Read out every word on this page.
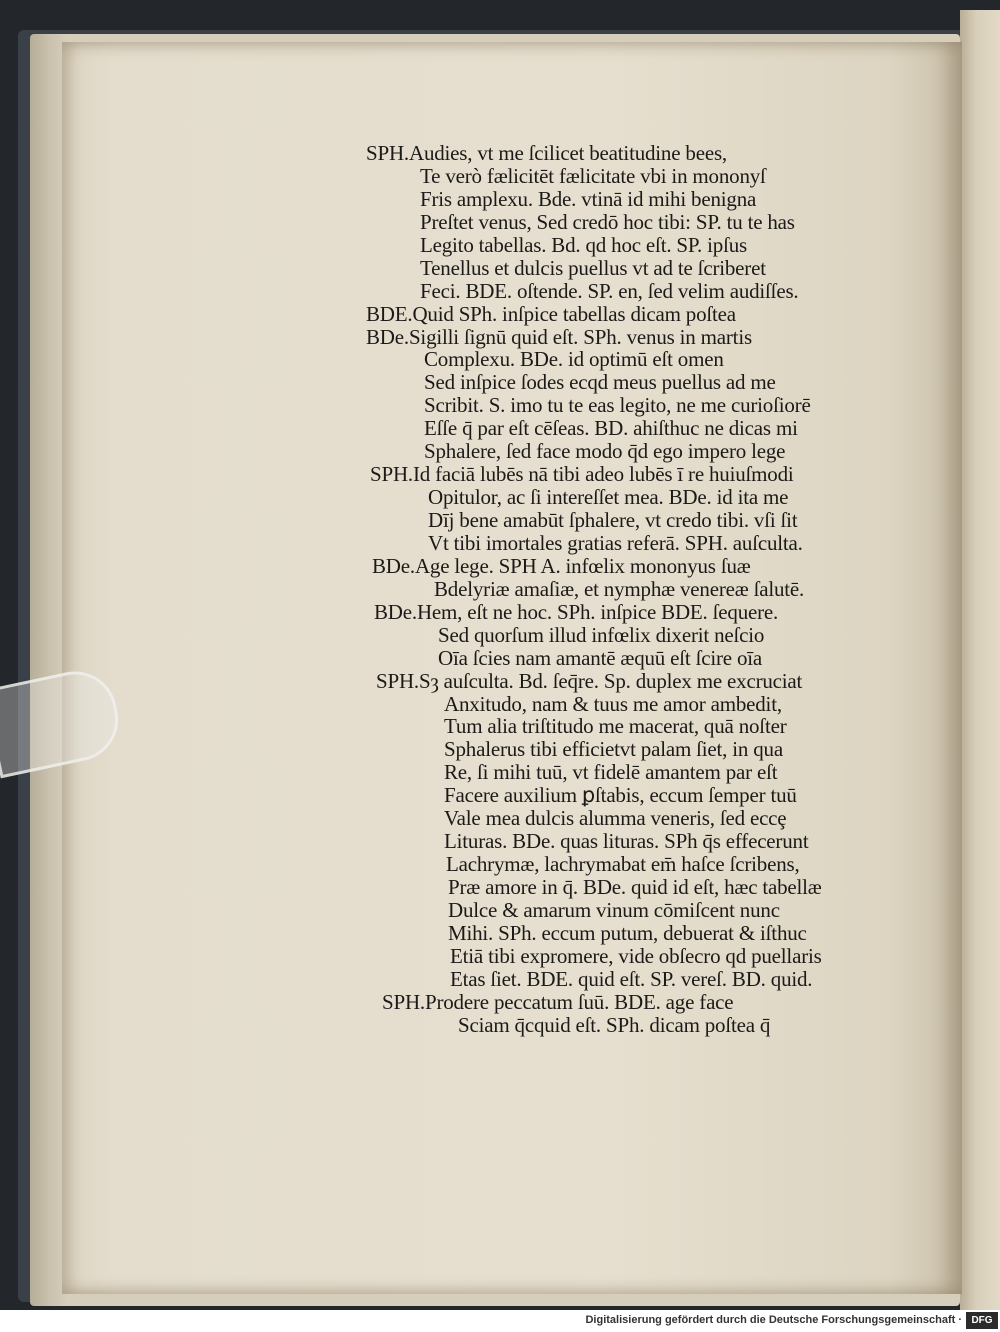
SPH.Audies, vt me ſcilicet beatitudine bees,
Te verò fælicitēt fælicitate vbi in mononyſ
Fris amplexu. Bde. vtinā id mihi benigna
Preſtet venus, Sed credō hoc tibi: SP. tu te has
Legito tabellas. Bd. qd hoc eſt. SP. ipſus
Tenellus et dulcis puellus vt ad te ſcriberet
Feci. BDE. oſtende. SP. en, ſed velim audiſſes.
BDE.Quid SPh. inſpice tabellas dicam poſtea
BDe.Sigilli ſignū quid eſt. SPh. venus in martis
Complexu. BDe. id optimū eſt omen
Sed inſpice ſodes ecqd meus puellus ad me
Scribit. S. imo tu te eas legito, ne me curioſiorē
Eſſe q̄ par eſt cēſeas. BD. ahiſthuc ne dicas mi
Sphalere, ſed face modo q̄d ego impero lege
SPH.Id faciā lubēs nā tibi adeo lubēs ī re huiuſmodi
Opitulor, ac ſi intereſſet mea. BDe. id ita me
Dīj bene amabūt ſphalere, vt credo tibi. vſi ſit
Vt tibi imortales gratias referā. SPH. auſculta.
BDe.Age lege. SPH A. infœlix mononyus ſuæ
Bdelyriæ amaſiæ, et nymphæ venereæ ſalutē.
BDe.Hem, eſt ne hoc. SPh. inſpice BDE. ſequere.
Sed quorſum illud infœlix dixerit neſcio
Oīa ſcies nam amantē æquū eſt ſcire oīa
SPH.Sȝ auſculta. Bd. ſeq̄re. Sp. duplex me excruciat
Anxitudo, nam & tuus me amor ambedit,
Tum alia triſtitudo me macerat, quā noſter
Sphalerus tibi efficietvt palam ſiet, in qua
Re, ſi mihi tuū, vt fidelē amantem par eſt
Facere auxilium ꝑſtabis, eccum ſemper tuū
Vale mea dulcis alumma veneris, ſed eccȩ
Lituras. BDe. quas lituras. SPh q̄s effecerunt
Lachrymæ, lachrymabat em̄ haſce ſcribens,
Præ amore in q̄. BDe. quid id eſt, hæc tabellæ
Dulce & amarum vinum cōmiſcent nunc
Mihi. SPh. eccum putum, debuerat & iſthuc
Etiā tibi expromere, vide obſecro qd puellaris
Etas ſiet. BDE. quid eſt. SP. vereſ. BD. quid.
SPH.Prodere peccatum ſuū. BDE. age face
Sciam q̄cquid eſt. SPh. dicam poſtea q̄
Digitalisierung gefördert durch die Deutsche Forschungsgemeinschaft · DFG
